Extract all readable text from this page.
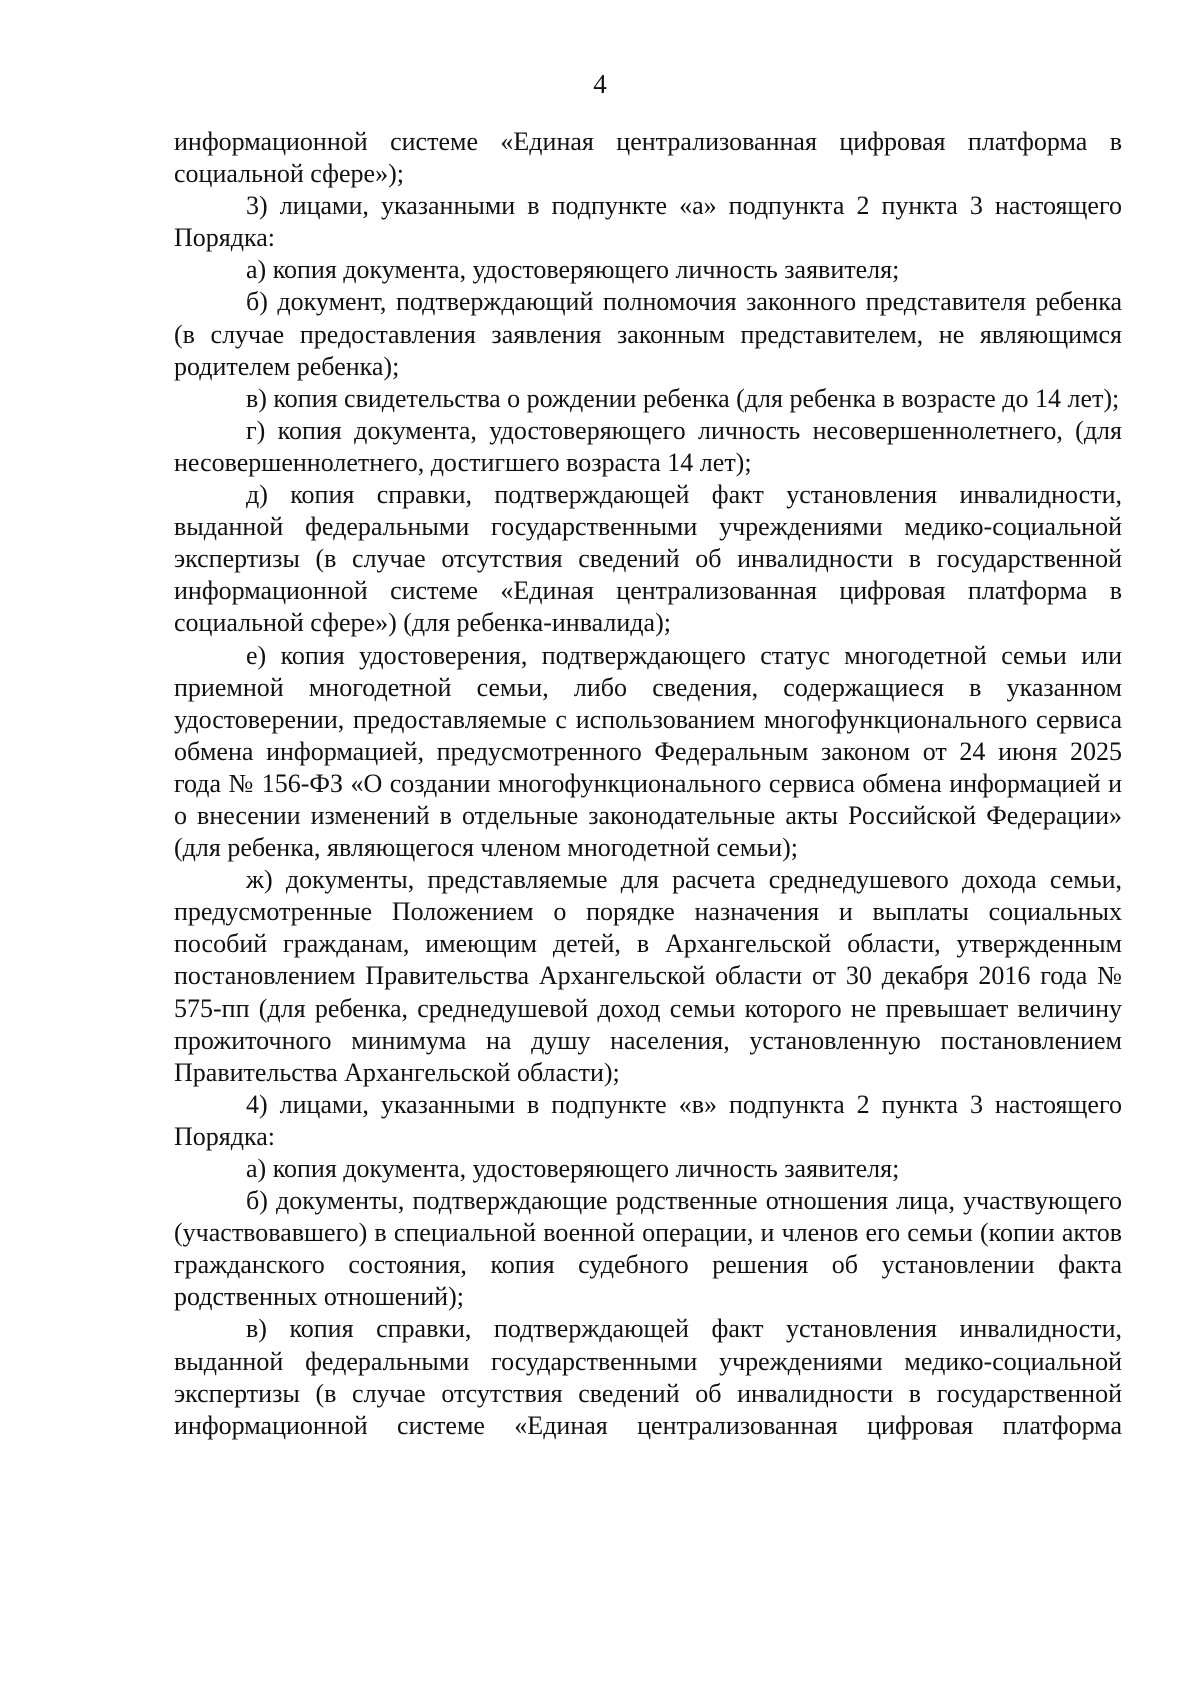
4

информационной системе «Единая централизованная цифровая платформа в социальной сфере»);

3) лицами, указанными в подпункте «а» подпункта 2 пункта 3 настоящего Порядка:

а) копия документа, удостоверяющего личность заявителя;

б) документ, подтверждающий полномочия законного представителя ребенка (в случае предоставления заявления законным представителем, не являющимся родителем ребенка);

в) копия свидетельства о рождении ребенка (для ребенка в возрасте до 14 лет);

г) копия документа, удостоверяющего личность несовершеннолетнего, (для несовершеннолетнего, достигшего возраста 14 лет);

д) копия справки, подтверждающей факт установления инвалидности, выданной федеральными государственными учреждениями медико-социальной экспертизы (в случае отсутствия сведений об инвалидности в государственной информационной системе «Единая централизованная цифровая платформа в социальной сфере») (для ребенка-инвалида);

е) копия удостоверения, подтверждающего статус многодетной семьи или приемной многодетной семьи, либо сведения, содержащиеся в указанном удостоверении, предоставляемые с использованием многофункционального сервиса обмена информацией, предусмотренного Федеральным законом от 24 июня 2025 года № 156-ФЗ «О создании многофункционального сервиса обмена информацией и о внесении изменений в отдельные законодательные акты Российской Федерации» (для ребенка, являющегося членом многодетной семьи);

ж) документы, представляемые для расчета среднедушевого дохода семьи, предусмотренные Положением о порядке назначения и выплаты социальных пособий гражданам, имеющим детей, в Архангельской области, утвержденным постановлением Правительства Архангельской области от 30 декабря 2016 года № 575-пп (для ребенка, среднедушевой доход семьи которого не превышает величину прожиточного минимума на душу населения, установленную постановлением Правительства Архангельской области);

4) лицами, указанными в подпункте «в» подпункта 2 пункта 3 настоящего Порядка:

а) копия документа, удостоверяющего личность заявителя;

б) документы, подтверждающие родственные отношения лица, участвующего (участвовавшего) в специальной военной операции, и членов его семьи (копии актов гражданского состояния, копия судебного решения об установлении факта родственных отношений);

в) копия справки, подтверждающей факт установления инвалидности, выданной федеральными государственными учреждениями медико-социальной экспертизы (в случае отсутствия сведений об инвалидности в государственной информационной системе «Единая централизованная цифровая платформа
